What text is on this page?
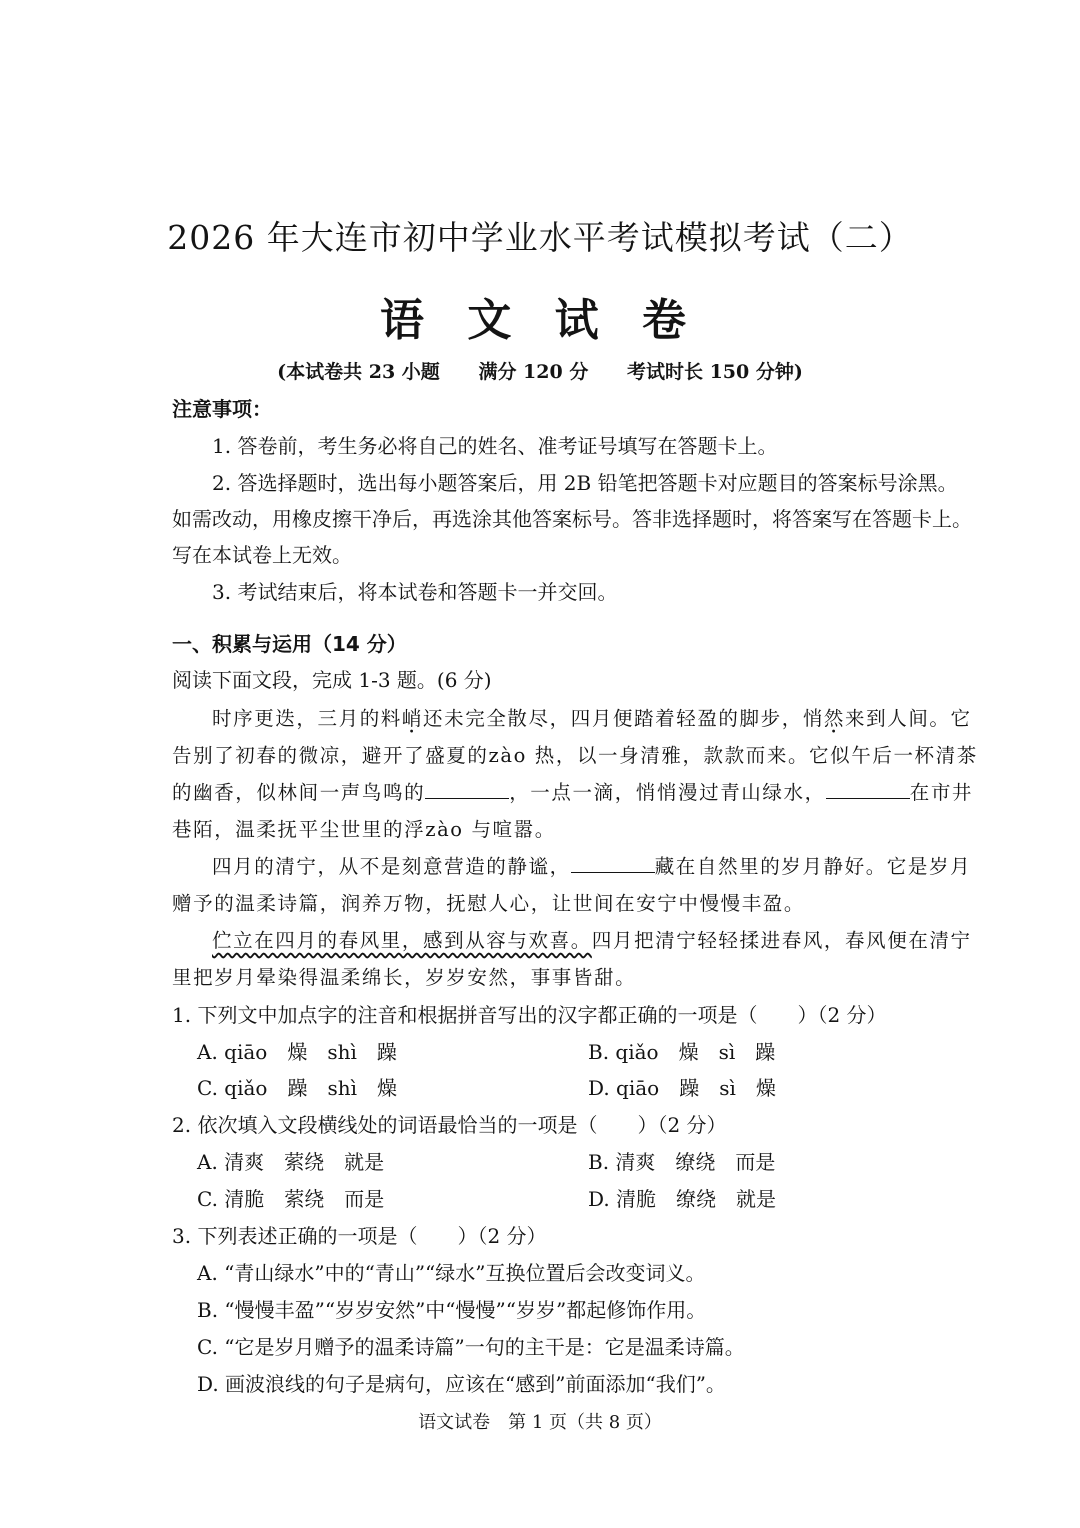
2026 年大连市初中学业水平考试模拟考试（二）
语 文 试 卷
(本试卷共 23 小题 满分 120 分 考试时长 150 分钟)
注意事项：
1. 答卷前，考生务必将自己的姓名、准考证号填写在答题卡上。
2. 答选择题时，选出每小题答案后，用 2B 铅笔把答题卡对应题目的答案标号涂黑。
如需改动，用橡皮擦干净后，再选涂其他答案标号。答非选择题时，将答案写在答题卡上。
写在本试卷上无效。
3. 考试结束后，将本试卷和答题卡一并交回。
一、积累与运用（14 分）
阅读下面文段，完成 1-3 题。(6 分)
时序更迭，三月的料峭还未完全散尽，四月便踏着轻盈的脚步，悄然来到人间。它
告别了初春的微凉，避开了盛夏的zào 热，以一身清雅，款款而来。它似午后一杯清茶
的幽香，似林间一声鸟鸣的	，一点一滴，悄悄漫过青山绿水，	在市井
巷陌，温柔抚平尘世里的浮zào 与喧嚣。
四月的清宁，从不是刻意营造的静谧，	藏在自然里的岁月静好。它是岁月
赠予的温柔诗篇，润养万物，抚慰人心，让世间在安宁中慢慢丰盈。
伫立在四月的春风里，感到从容与欢喜。四月把清宁轻轻揉进春风，春风便在清宁
里把岁月晕染得温柔绵长，岁岁安然，事事皆甜。
1. 下列文中加点字的注音和根据拼音写出的汉字都正确的一项是（　　）（2 分）
A. qiāo　燥　shì　躁	B. qiǎo　燥　sì　躁
C. qiǎo　躁　shì　燥	D. qiāo　躁　sì　燥
2. 依次填入文段横线处的词语最恰当的一项是（　　）（2 分）
A. 清爽　萦绕　就是	B. 清爽　缭绕　而是
C. 清脆　萦绕　而是	D. 清脆　缭绕　就是
3. 下列表述正确的一项是（　　）（2 分）
A. “青山绿水”中的“青山”“绿水”互换位置后会改变词义。
B. “慢慢丰盈”“岁岁安然”中“慢慢”“岁岁”都起修饰作用。
C. “它是岁月赠予的温柔诗篇”一句的主干是：它是温柔诗篇。
D. 画波浪线的句子是病句，应该在“感到”前面添加“我们”。
语文试卷　第 1 页（共 8 页）
